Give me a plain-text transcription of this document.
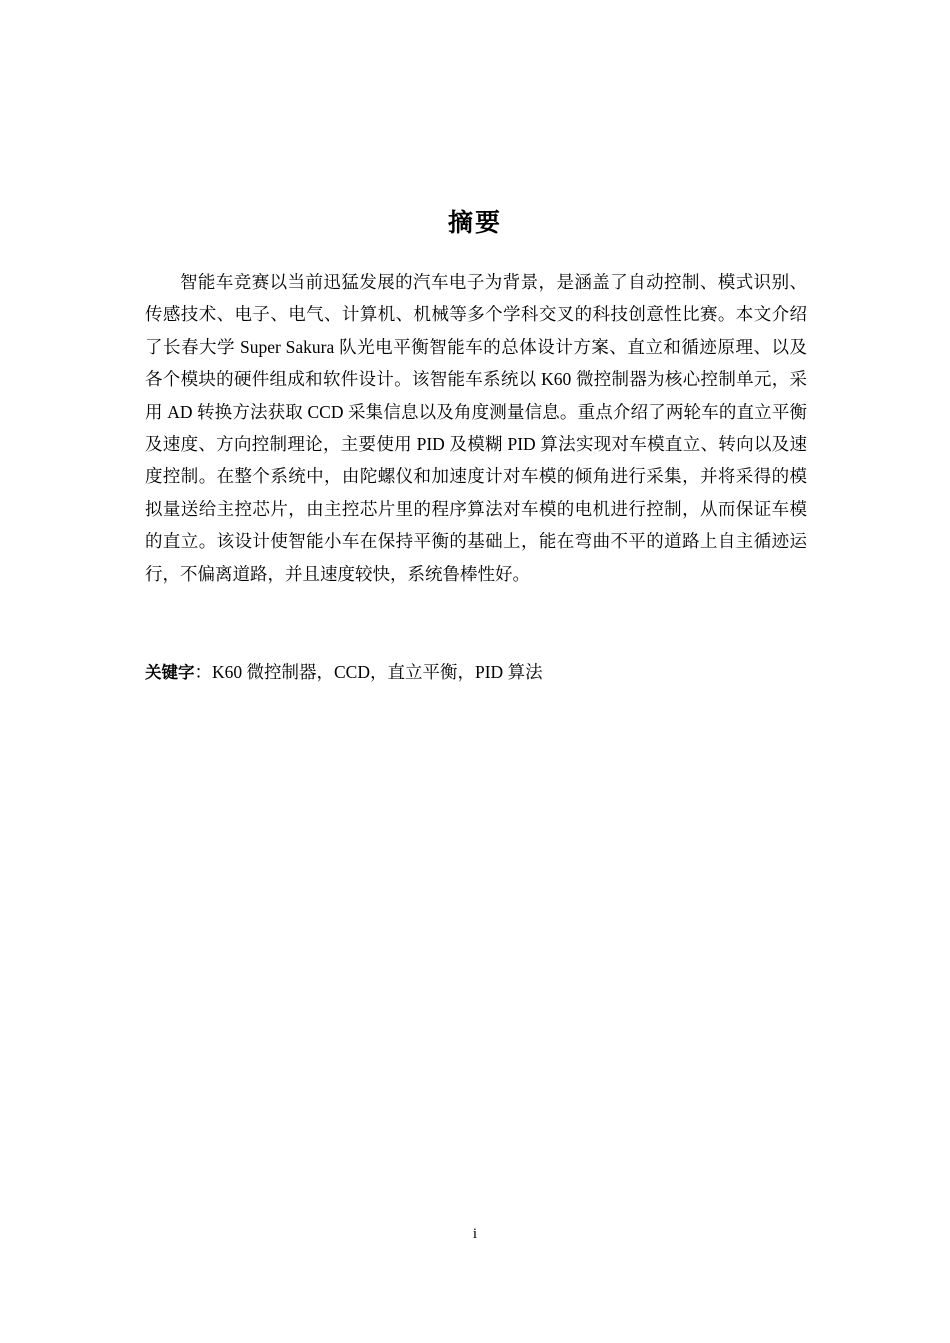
摘要

智能车竞赛以当前迅猛发展的汽车电子为背景，是涵盖了自动控制、模式识别、传感技术、电子、电气、计算机、机械等多个学科交叉的科技创意性比赛。本文介绍了长春大学 Super Sakura 队光电平衡智能车的总体设计方案、直立和循迹原理、以及各个模块的硬件组成和软件设计。该智能车系统以 K60 微控制器为核心控制单元，采用 AD 转换方法获取 CCD 采集信息以及角度测量信息。重点介绍了两轮车的直立平衡及速度、方向控制理论，主要使用 PID 及模糊 PID 算法实现对车模直立、转向以及速度控制。在整个系统中，由陀螺仪和加速度计对车模的倾角进行采集，并将采得的模拟量送给主控芯片，由主控芯片里的程序算法对车模的电机进行控制，从而保证车模的直立。该设计使智能小车在保持平衡的基础上，能在弯曲不平的道路上自主循迹运行，不偏离道路，并且速度较快，系统鲁棒性好。

关键字：K60 微控制器，CCD，直立平衡，PID 算法

i
